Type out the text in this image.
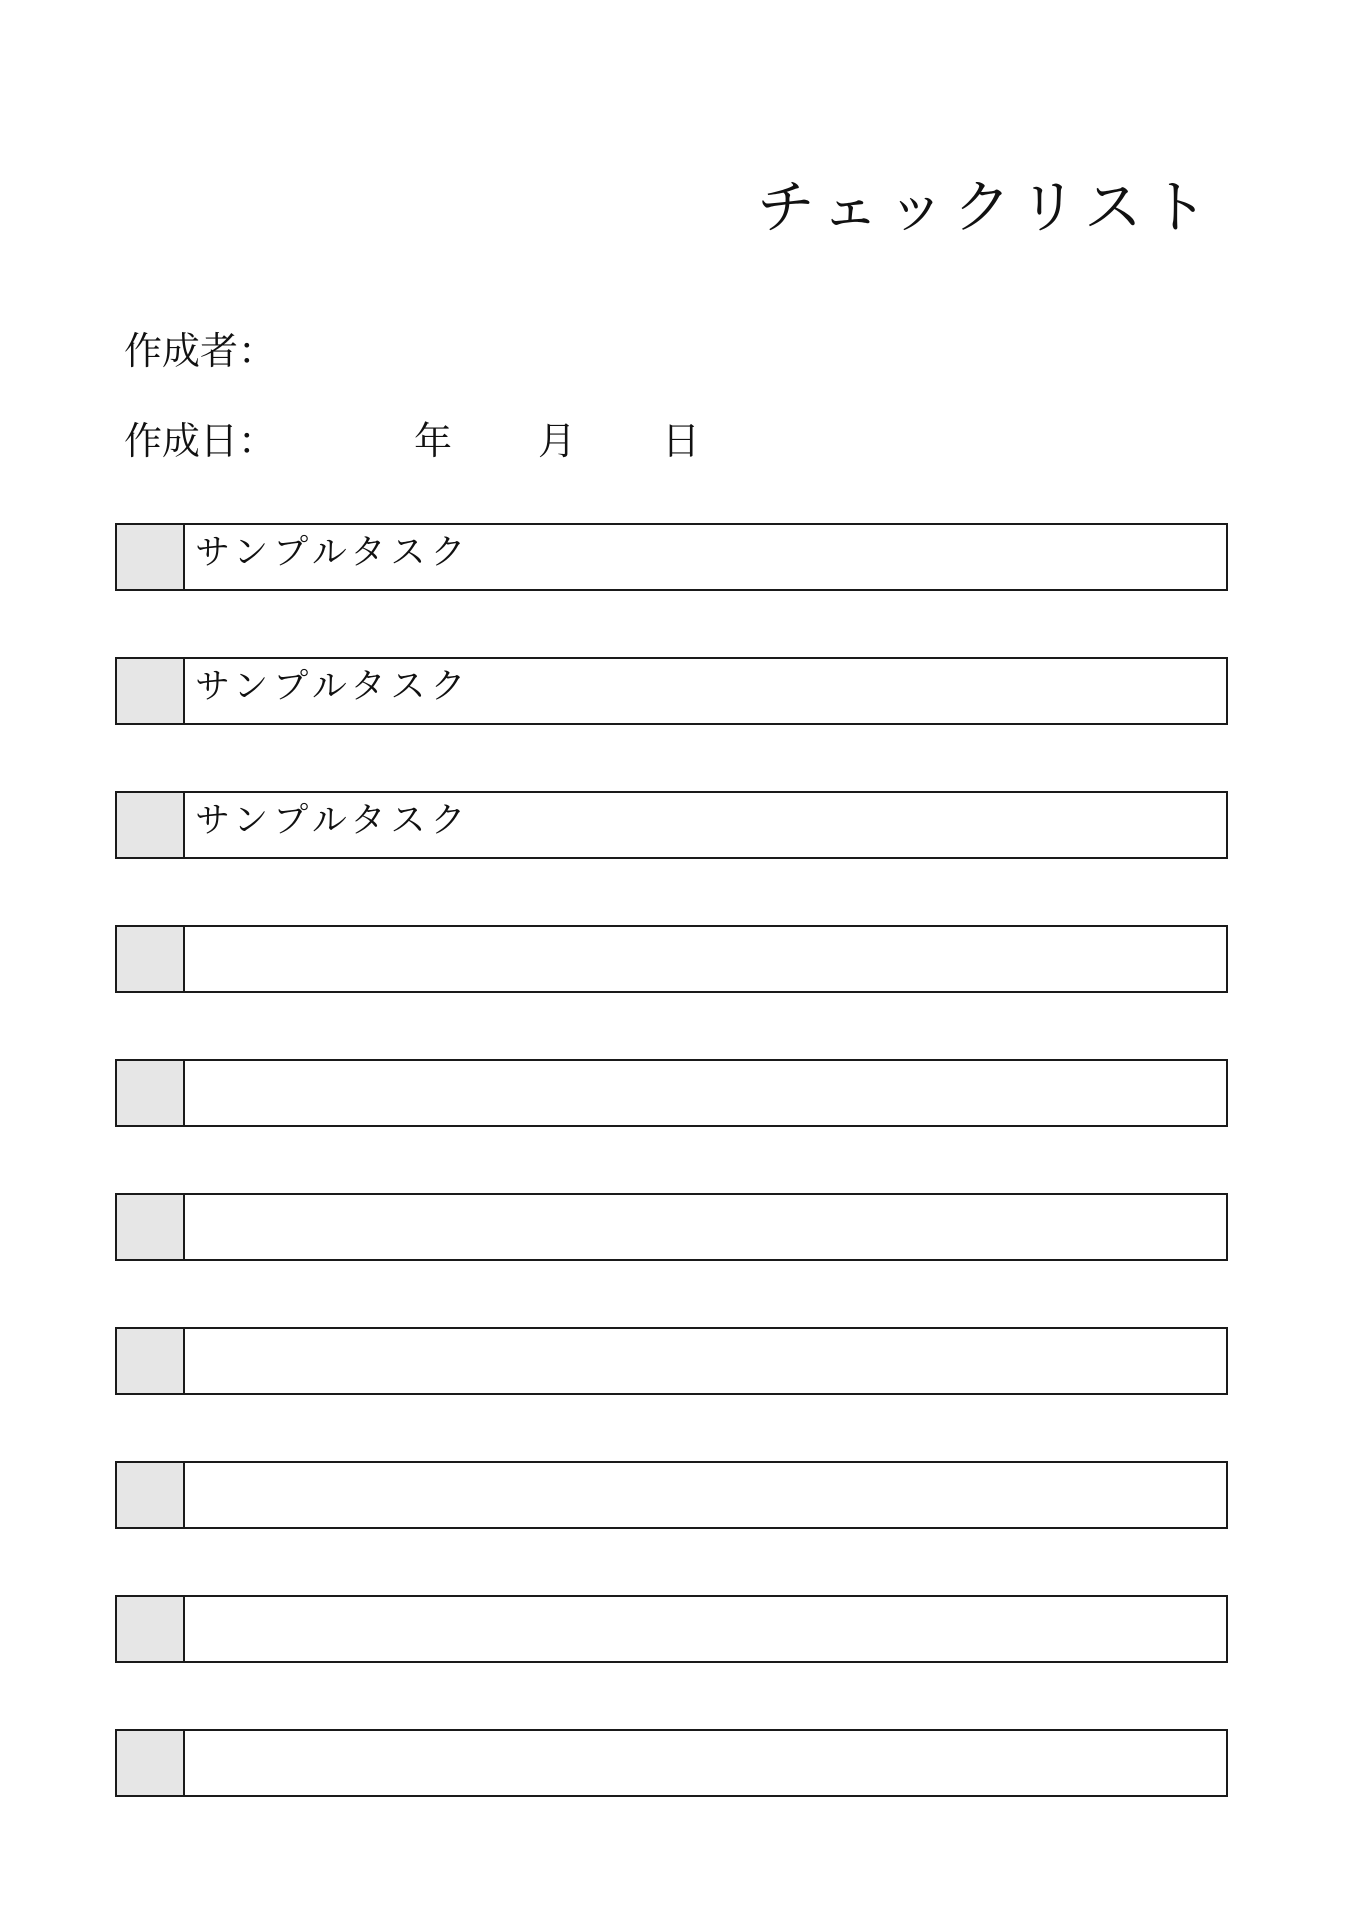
チェックリスト
作成者：
作成日：	年 月 日
サンプルタスク
サンプルタスク
サンプルタスク
